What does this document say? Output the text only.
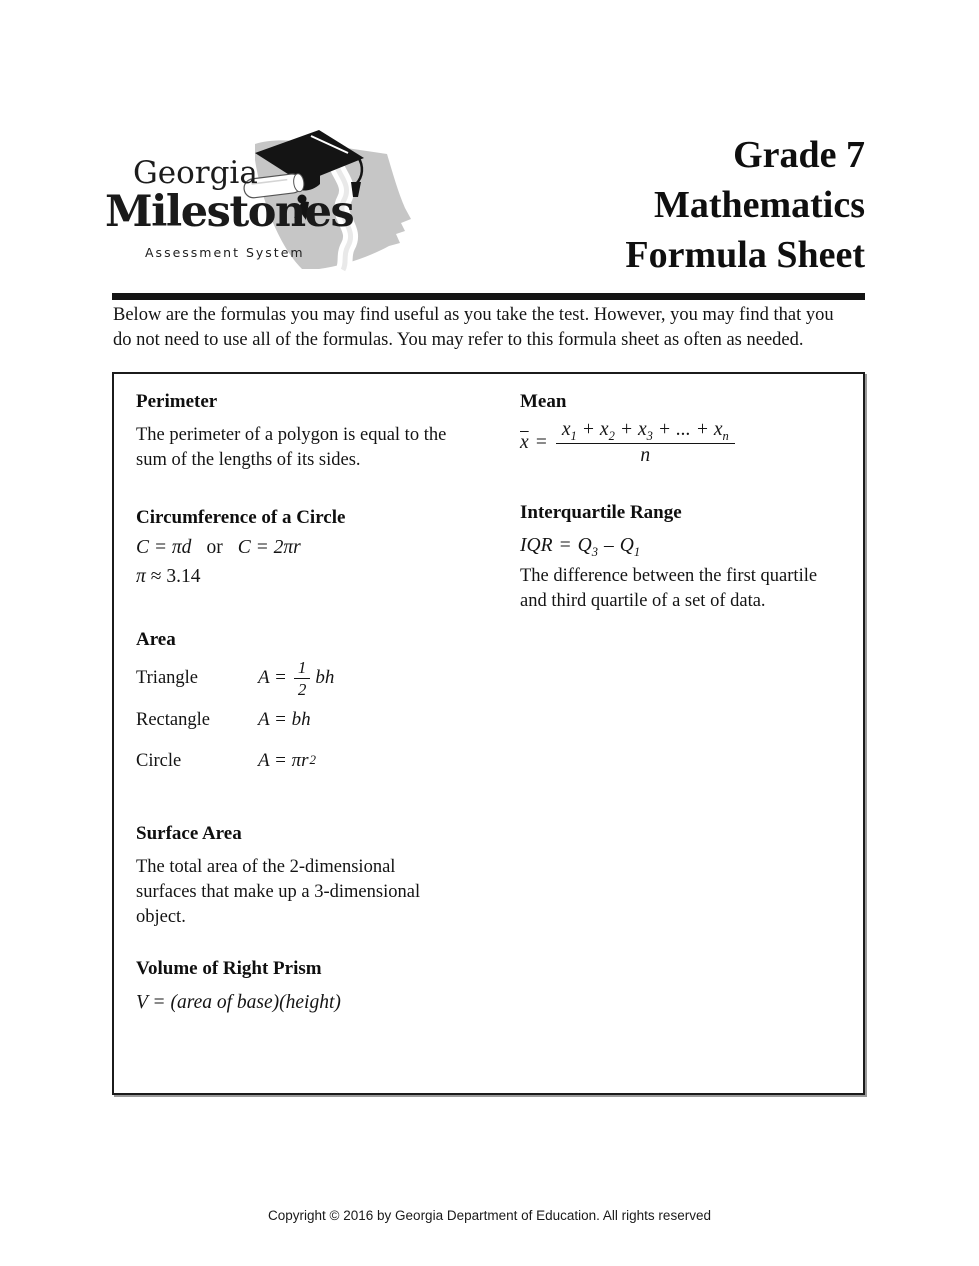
Georgia
Milestones
Assessment System
Grade 7
Mathematics
Formula Sheet

Below are the formulas you may find useful as you take the test. However, you may find that you
do not need to use all of the formulas. You may refer to this formula sheet as often as needed.

Perimeter

The perimeter of a polygon is equal to the
sum of the lengths of its sides.

Circumference of a Circle
C = πd or C = 2πr
π ≈ 3.14
Area
Triangle	$A = \frac{1}{2}$ bh
Rectangle	A = bh
Circle	$A = \pi r^2$
Surface Area

The total area of the 2-dimensional
surfaces that make up a 3-dimensional
object.

Volume of Right Prism
V = (area of base)(height)
Mean
$\overline{x} = \frac{x_1 + x_2 + x_3 + ... + x_n}{n}$
Interquartile Range
IQR = $Q_3 - Q_1$

The difference between the first quartile
and third quartile of a set of data.

Copyright © 2016 by Georgia Department of Education. All rights reserved
